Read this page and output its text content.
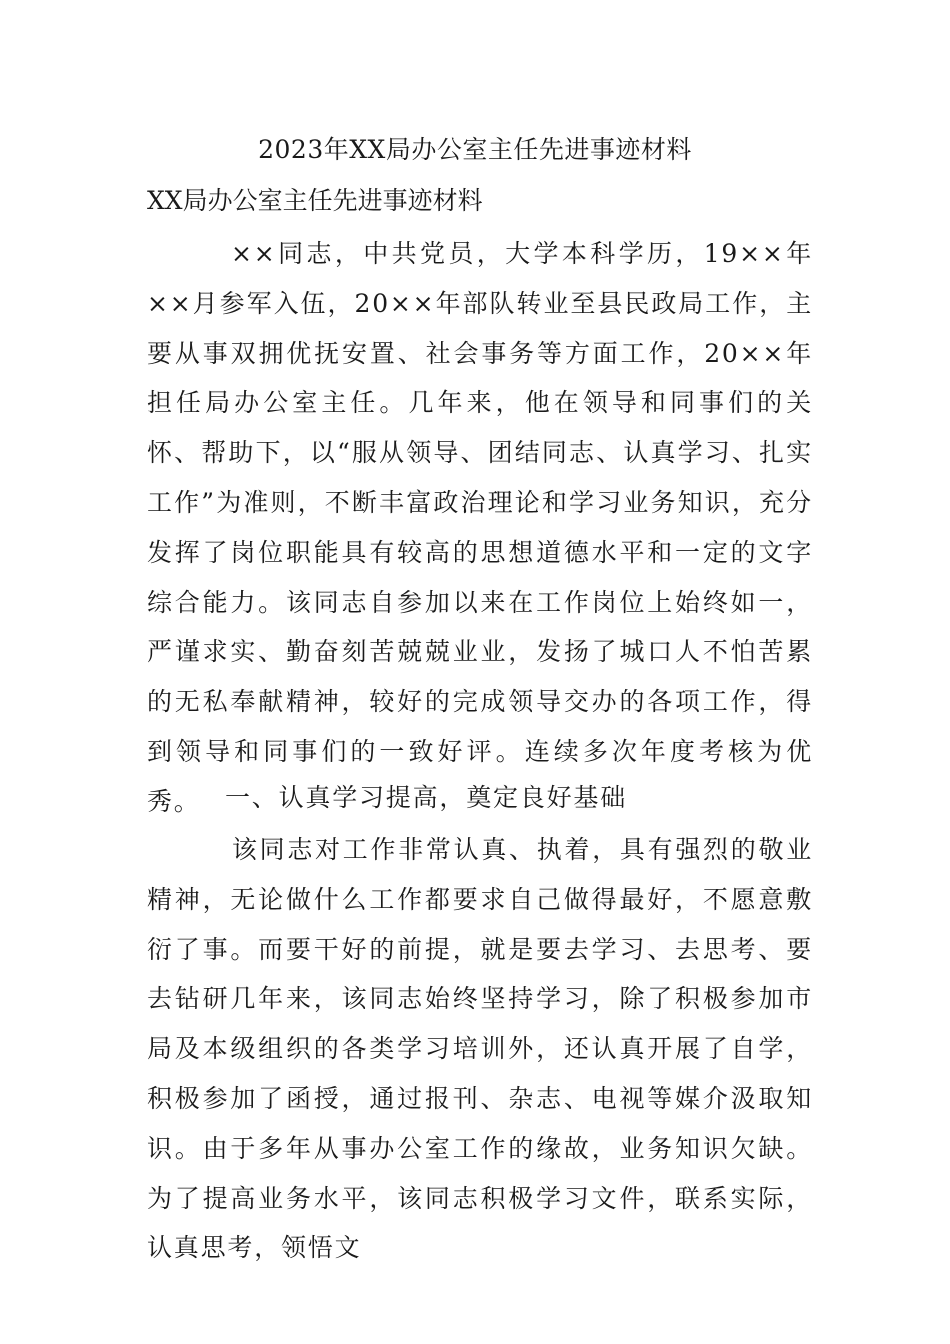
2023年XX局办公室主任先进事迹材料
XX局办公室主任先进事迹材料

××同志，中共党员，大学本科学历，19××年××月参军入伍，20××年部队转业至县民政局工作，主要从事双拥优抚安置、社会事务等方面工作，20××年担任局办公室主任。几年来，他在领导和同事们的关怀、帮助下，以“服从领导、团结同志、认真学习、扎实工作”为准则，不断丰富政治理论和学习业务知识，充分发挥了岗位职能具有较高的思想道德水平和一定的文字综合能力。该同志自参加以来在工作岗位上始终如一，严谨求实、勤奋刻苦兢兢业业，发扬了城口人不怕苦累的无私奉献精神，较好的完成领导交办的各项工作，得到领导和同事们的一致好评。连续多次年度考核为优秀。 一、认真学习提高，奠定良好基础

该同志对工作非常认真、执着，具有强烈的敬业精神，无论做什么工作都要求自己做得最好，不愿意敷衍了事。而要干好的前提，就是要去学习、去思考、要去钻研几年来，该同志始终坚持学习，除了积极参加市局及本级组织的各类学习培训外，还认真开展了自学，积极参加了函授，通过报刊、杂志、电视等媒介汲取知识。由于多年从事办公室工作的缘故，业务知识欠缺。为了提高业务水平，该同志积极学习文件，联系实际，认真思考，领悟文
